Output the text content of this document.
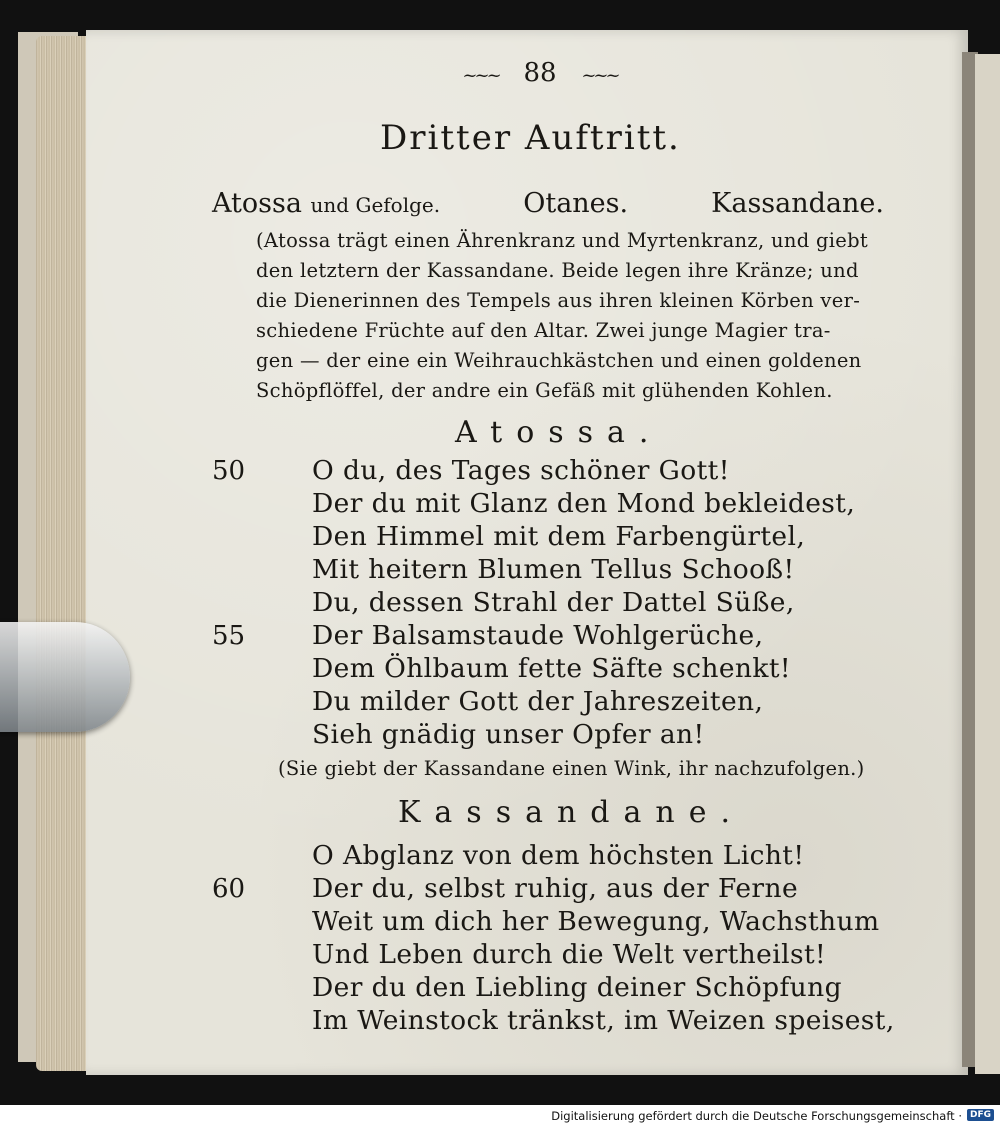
~~~ 88 ~~~
Dritter Auftritt.
Atossa und Gefolge.	Otanes.	Kassandane.
(Atossa trägt einen Ährenkranz und Myrtenkranz, und giebt
den letztern der Kassandane. Beide legen ihre Kränze; und
die Dienerinnen des Tempels aus ihren kleinen Körben ver-
schiedene Früchte auf den Altar. Zwei junge Magier tra-
gen — der eine ein Weihrauchkästchen und einen goldenen
Schöpflöffel, der andre ein Gefäß mit glühenden Kohlen.
Atossa.
50	O du, des Tages schöner Gott!
Der du mit Glanz den Mond bekleidest,
Den Himmel mit dem Farbengürtel,
Mit heitern Blumen Tellus Schooß!
Du, dessen Strahl der Dattel Süße,
55	Der Balsamstaude Wohlgerüche,
Dem Öhlbaum fette Säfte schenkt!
Du milder Gott der Jahreszeiten,
Sieh gnädig unser Opfer an!
(Sie giebt der Kassandane einen Wink, ihr nachzufolgen.)
Kassandane.
O Abglanz von dem höchsten Licht!
60	Der du, selbst ruhig, aus der Ferne
Weit um dich her Bewegung, Wachsthum
Und Leben durch die Welt vertheilst!
Der du den Liebling deiner Schöpfung
Im Weinstock tränkst, im Weizen speisest,
Digitalisierung gefördert durch die Deutsche Forschungsgemeinschaft · DFG
